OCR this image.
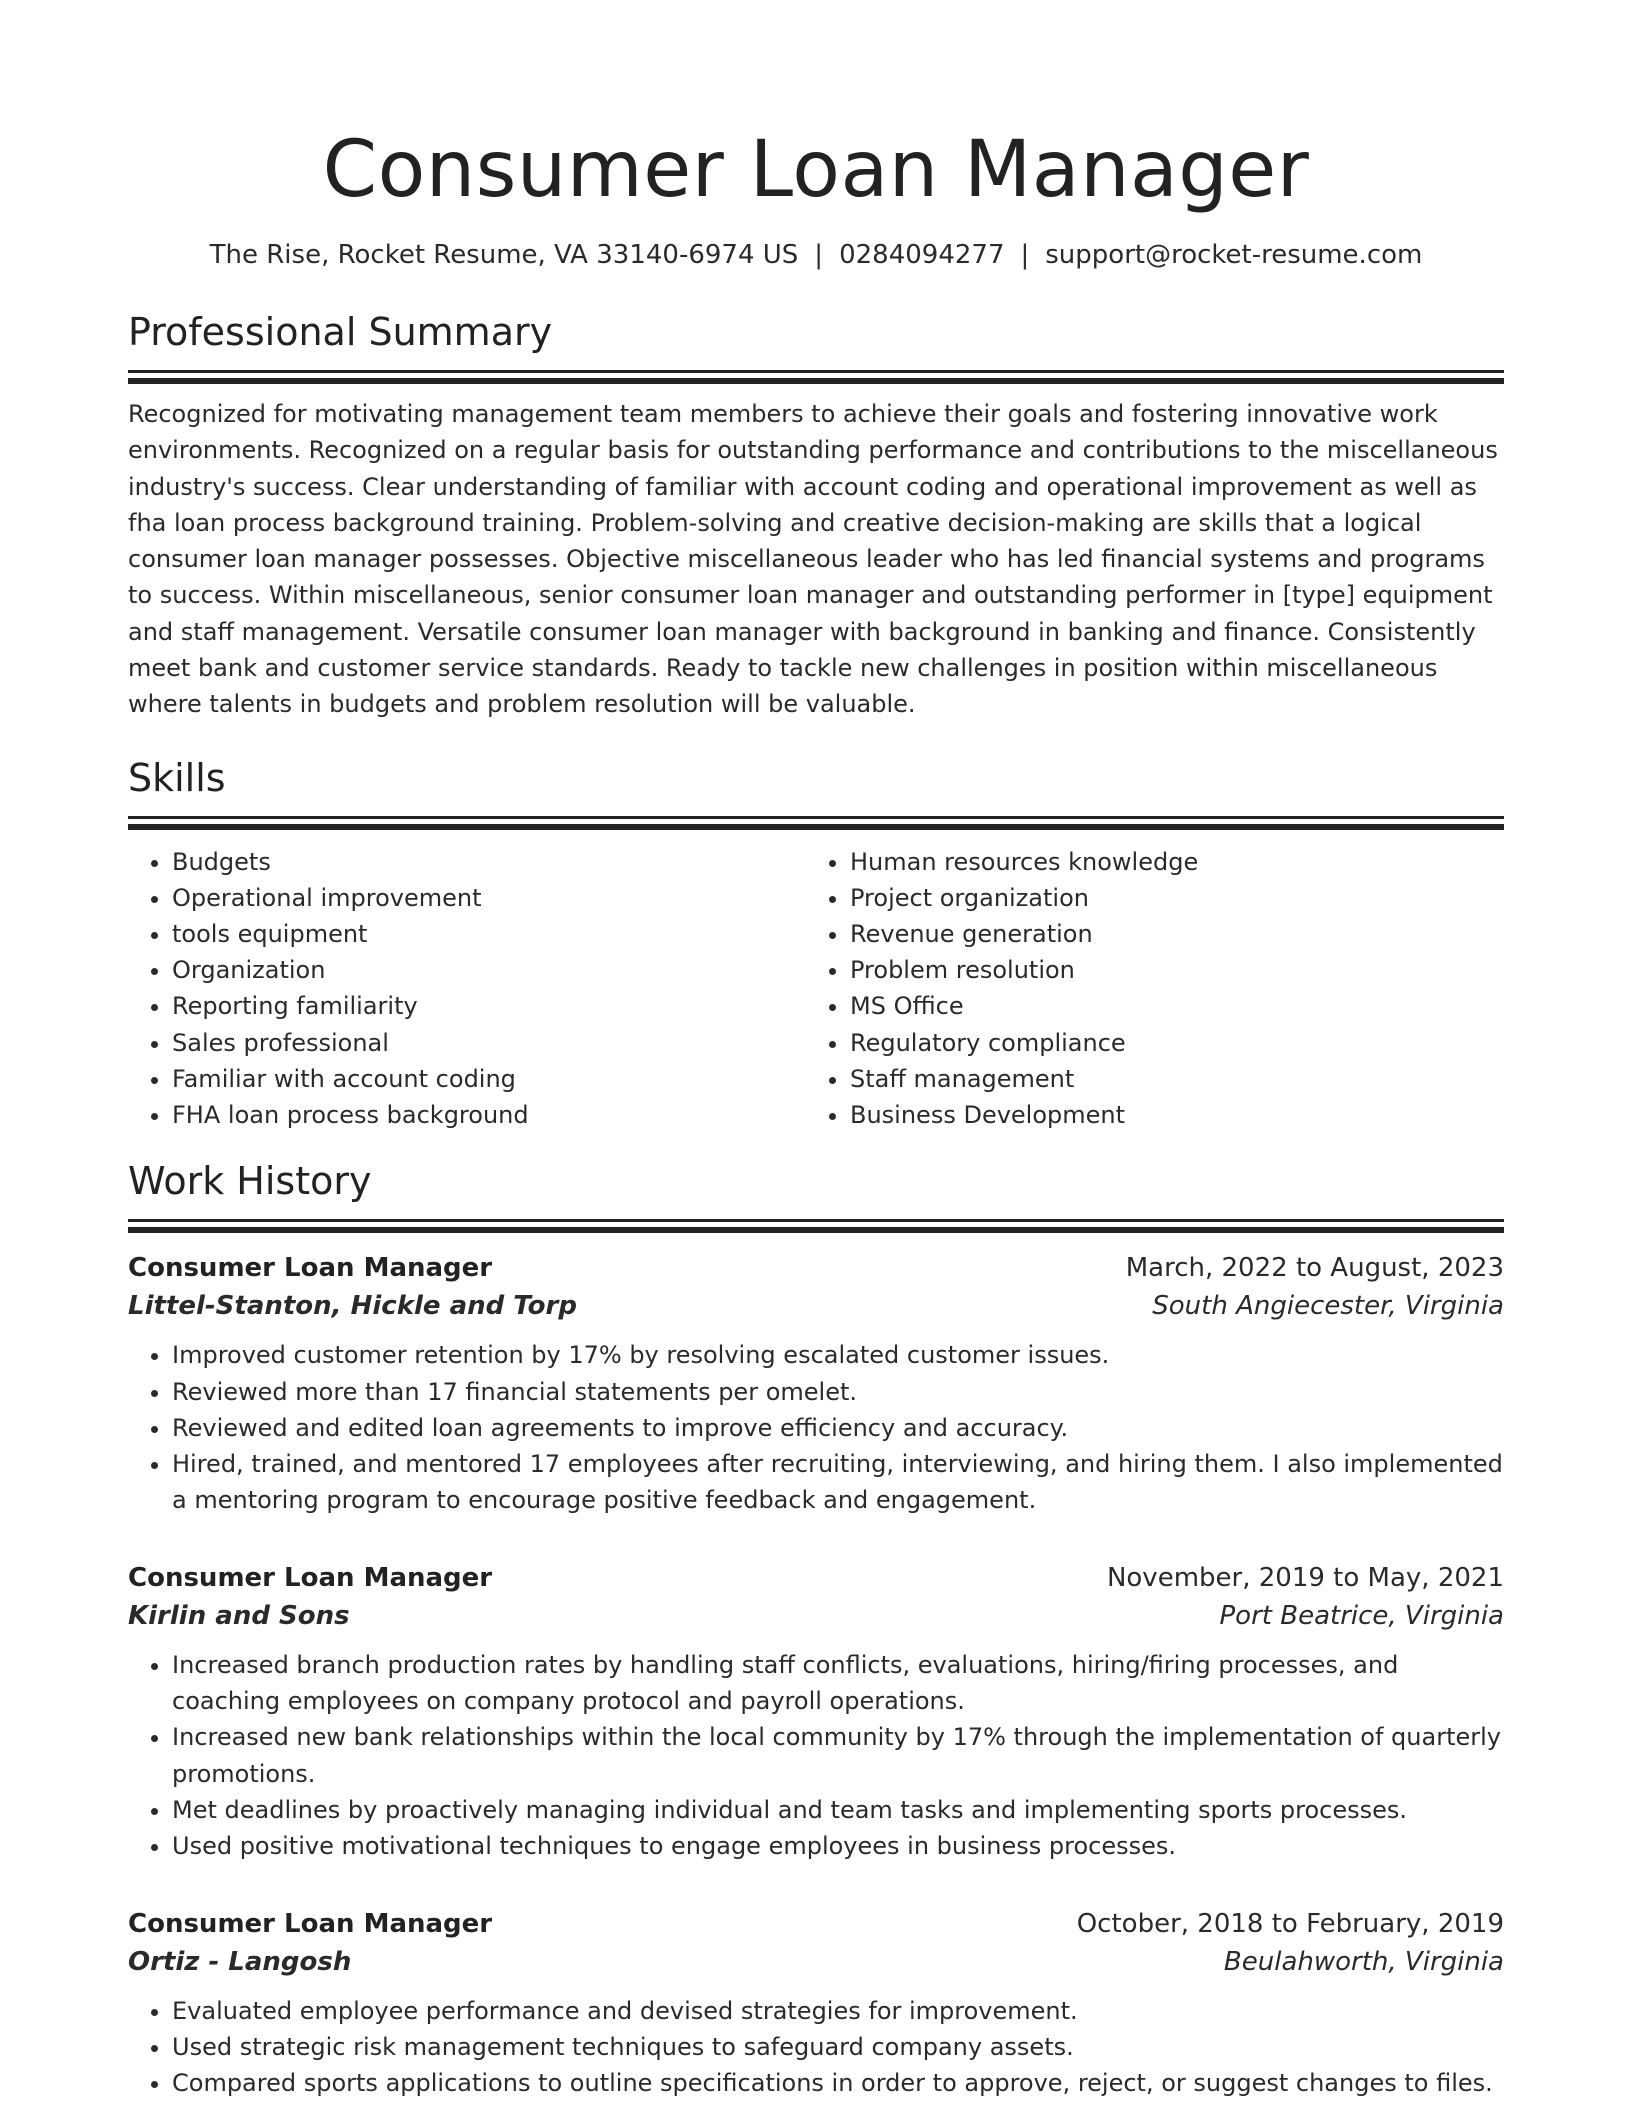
Consumer Loan Manager
The Rise, Rocket Resume, VA 33140-6974 US | 0284094277 | support@rocket-resume.com
Professional Summary

Recognized for motivating management team members to achieve their goals and fostering innovative work environments. Recognized on a regular basis for outstanding performance and contributions to the miscellaneous industry's success. Clear understanding of familiar with account coding and operational improvement as well as fha loan process background training. Problem-solving and creative decision-making are skills that a logical consumer loan manager possesses. Objective miscellaneous leader who has led financial systems and programs to success. Within miscellaneous, senior consumer loan manager and outstanding performer in [type] equipment and staff management. Versatile consumer loan manager with background in banking and finance. Consistently meet bank and customer service standards. Ready to tackle new challenges in position within miscellaneous where talents in budgets and problem resolution will be valuable.

Skills
• Budgets
• Operational improvement
• tools equipment
• Organization
• Reporting familiarity
• Sales professional
• Familiar with account coding
• FHA loan process background
• Human resources knowledge
• Project organization
• Revenue generation
• Problem resolution
• MS Office
• Regulatory compliance
• Staff management
• Business Development
Work History
Consumer Loan Manager	March, 2022 to August, 2023
Littel-Stanton, Hickle and Torp	South Angiecester, Virginia
• Improved customer retention by 17% by resolving escalated customer issues.
• Reviewed more than 17 financial statements per omelet.
• Reviewed and edited loan agreements to improve efficiency and accuracy.
• Hired, trained, and mentored 17 employees after recruiting, interviewing, and hiring them. I also implemented a mentoring program to encourage positive feedback and engagement.
Consumer Loan Manager	November, 2019 to May, 2021
Kirlin and Sons	Port Beatrice, Virginia
• Increased branch production rates by handling staff conflicts, evaluations, hiring/firing processes, and coaching employees on company protocol and payroll operations.
• Increased new bank relationships within the local community by 17% through the implementation of quarterly promotions.
• Met deadlines by proactively managing individual and team tasks and implementing sports processes.
• Used positive motivational techniques to engage employees in business processes.
Consumer Loan Manager	October, 2018 to February, 2019
Ortiz - Langosh	Beulahworth, Virginia
• Evaluated employee performance and devised strategies for improvement.
• Used strategic risk management techniques to safeguard company assets.
• Compared sports applications to outline specifications in order to approve, reject, or suggest changes to files.
